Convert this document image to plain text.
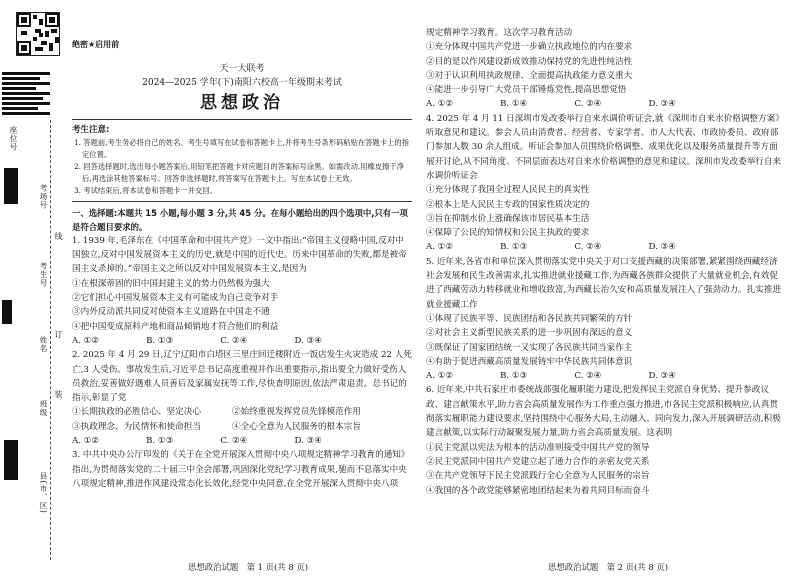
座位号
考场号
考生号
姓名
班级
县(市、区)
线
订
装
绝密★启用前
天一大联考
2024—2025 学年(下)南阳六校高一年级期末考试
思想政治
考生注意:
1. 答题前,考生务必将自己的姓名、考生号填写在试卷和答题卡上,并将考生号条形码粘贴在答题卡上的指定位置。
2. 回答选择题时,选出每小题答案后,用铅笔把答题卡对应题目的答案标号涂黑。如需改动,用橡皮擦干净后,再选涂其他答案标号。回答非选择题时,将答案写在答题卡上。写在本试卷上无效。
3. 考试结束后,将本试卷和答题卡一并交回。

一、选择题:本题共 15 小题,每小题 3 分,共 45 分。在每小题给出的四个选项中,只有一项是符合题目要求的。

1. 1939 年,毛泽东在《中国革命和中国共产党》一文中指出:“帝国主义侵略中国,反对中国独立,反对中国发展资本主义的历史,就是中国的近代史。历来中国革命的失败,都是被帝国主义杀掉的。”帝国主义之所以反对中国发展资本主义,是因为

①在根深蒂固的旧中国封建主义的势力仍然极为强大

②它们担心中国发展资本主义有可能成为自己竞争对手

③内外反动派共同反对使资本主义道路在中国走不通

④把中国变成原料产地和商品倾销地才符合他们的利益

A. ①②	B. ①③	C. ②④	D. ③④

2. 2025 年 4 月 29 日,辽宁辽阳市白塔区三里庄回迁楼附近一饭店发生火灾造成 22 人死亡,3 人受伤。事故发生后,习近平总书记高度重视并作出重要指示,指出要全力做好受伤人员救治,妥善做好遇难人员善后及家属安抚等工作,尽快查明原因,依法严肃追责。总书记的指示,彰显了党

①长期执政的必胜信心、坚定决心	②始终重视发挥党员先锋模范作用
③执政理念、为民情怀和使命担当	④全心全意为人民服务的根本宗旨
A. ①②	B. ①③	C. ②④	D. ③④

3. 中共中央办公厅印发的《关于在全党开展深入贯彻中央八项规定精神学习教育的通知》指出,为贯彻落实党的二十届三中全会部署,巩固深化党纪学习教育成果,驰而不息落实中央八项规定精神,推进作风建设常态化长效化,经党中央同意,在全党开展深入贯彻中央八项

规定精神学习教育。这次学习教育活动

①充分体现中国共产党进一步确立执政地位的内在要求

②目的是以作风建设新成效推动保持党的先进性纯洁性

③对于认识利用执政规律、全面提高执政能力意义重大

④能进一步引导广大党员干部锤炼党性,提高思想觉悟

A. ①②	B. ①④	C. ②④	D. ③④

4. 2025 年 4 月 11 日深圳市发改委举行自来水调价听证会,就《深圳市自来水价格调整方案》听取意见和建议。参会人员由消费者、经营者、专家学者、市人大代表、市政协委员、政府部门参加人数 30 余人组成。听证会参加人员围绕价格调整、成果优化以及服务质量提升等方面展开讨论,从不同角度、不同层面表达对自来水价格调整的意见和建议。深圳市发改委举行自来水调价听证会

①充分体现了我国全过程人民民主的真实性

②根本上是人民民主专政的国家性质决定的

③旨在抑制水价上涨确保该市居民基本生活

④保障了公民的知情权和公民主执政的要求

A. ①②	B. ①③	C. ②④	D. ③④

5. 近年来,各省市和单位深入贯彻落实党中央关于对口支援西藏的决策部署,紧紧围绕西藏经济社会发展和民生改善需求,扎实推进就业援藏工作,为西藏各族群众提供了大量就业机会,有效促进了西藏劳动力转移就业和增收致富,为西藏长治久安和高质量发展注入了强劲动力。扎实推进就业援藏工作

①体现了民族平等、民族团结和各民族共同繁荣的方针

②对社会主义新型民族关系的进一步巩固有深远的意义

③既保证了国家团结统一又实现了各民族共同当家作主

④有助于促进西藏高质量发展铸牢中华民族共同体意识

A. ①②	B. ①③	C. ②④	D. ③④

6. 近年来,中共石家庄市委统战部强化履职能力建设,把发挥民主党派自身优势、提升参政议政、建言献策水平,助力省会高质量发展作为工作重点强力推进,市各民主党派积极响应,认真贯彻落实履职能力建设要求,坚持围绕中心服务大局,主动融入、同向发力,深入开展调研活动,积极建言献策,以实际行动凝聚发展力量,助力省会高质量发展。这表明

①民主党派以宪法为根本的活动准则接受中国共产党的领导

②民主党派同中国共产党建立起了通力合作的亲密友党关系

③在共产党领导下民主党派践行全心全意为人民服务的宗旨

④我国的各个政党能够紧密地团结起来为着共同目标而奋斗

思想政治试题　第 1 页(共 8 页)	思想政治试题　第 2 页(共 8 页)
